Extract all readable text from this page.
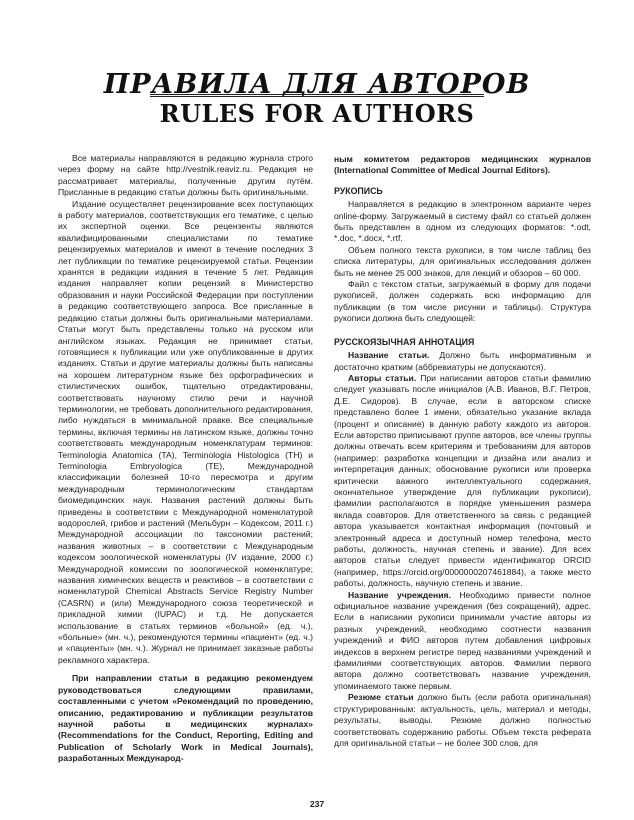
ПРАВИЛА ДЛЯ АВТОРОВ
RULES FOR AUTHORS

Все материалы направляются в редакцию журнала строго через форму на сайте http://vestnik.reaviz.ru. Редакция не рассматривает материалы, полученные другим путём. Присланные в редакцию статьи должны быть оригинальными.

Издание осуществляет рецензирование всех поступающих в работу материалов, соответствующих его тематике, с целью их экспертной оценки. Все рецензенты являются квалифицированными специалистами по тематике рецензируемых материалов и имеют в течение последних 3 лет публикации по тематике рецензируемой статьи. Рецензии хранятся в редакции издания в течение 5 лет. Редакция издания направляет копии рецензий в Министерство образования и науки Российской Федерации при поступлении в редакцию соответствующего запроса. Все присланные в редакцию статьи должны быть оригинальными материалами. Статьи могут быть представлены только на русском или английском языках. Редакция не принимает статьи, готовящиеся к публикации или уже опубликованные в других изданиях. Статьи и другие материалы должны быть написаны на хорошем литературном языке без орфографических и стилистических ошибок, тщательно отредактированы, соответствовать научному стилю речи и научной терминологии, не требовать дополнительного редактирования, либо нуждаться в минимальной правке. Все специальные термины, включая термины на латинском языке, должны точно соответствовать международным номенклатурам терминов: Terminologia Anatomica (TA), Terminologia Histologica (TH) и Terminologia Embryologica (TE), Международной классификации болезней 10-го пересмотра и другим международным терминологическим стандартам биомедицинских наук. Названия растений должны быть приведены в соответствии с Международной номенклатурой водорослей, грибов и растений (Мельбурн – Кодексом, 2011 г.) Международной ассоциации по таксономии растений; названия животных – в соответствии с Международным кодексом зоологической номенклатуры (IV издание, 2000 г.) Международной комиссии по зоологической номенклатуре; названия химических веществ и реактивов – в соответствии с номенклатурой Chemical Abstracts Service Registry Number (CASRN) и (или) Международного союза теоретической и прикладной химии (IUPAC) и т.д. Не допускается использование в статьях терминов «больной» (ед. ч.), «больные» (мн. ч.), рекомендуются термины «пациент» (ед. ч.) и «пациенты» (мн. ч.). Журнал не принимает заказные работы рекламного характера.

При направлении статьи в редакцию рекомендуем руководствоваться следующими правилами, составленными с учетом «Рекомендаций по проведению, описанию, редактированию и публикации результатов научной работы в медицинских журналах» (Recommendations for the Conduct, Reporting, Editing and Publication of Scholarly Work in Medical Journals), разработанных Международ-

ным комитетом редакторов медицинских журналов (International Committee of Medical Journal Editors).

РУКОПИСЬ

Направляется в редакцию в электронном варианте через online-форму. Загружаемый в систему файл со статьей должен быть представлен в одном из следующих форматов: *.odt, *.doc, *.docx, *.rtf.

Объем полного текста рукописи, в том числе таблиц без списка литературы, для оригинальных исследования должен быть не менее 25 000 знаков, для лекций и обзоров – 60 000.

Файл с текстом статьи, загружаемый в форму для подачи рукописей, должен содержать всю информацию для публикации (в том числе рисунки и таблицы). Структура рукописи должна быть следующей:

РУССКОЯЗЫЧНАЯ АННОТАЦИЯ

Название статьи. Должно быть информативным и достаточно кратким (аббревиатуры не допускаются).

Авторы статьи. При написании авторов статьи фамилию следует указывать после инициалов (А.В. Иванов, В.Г. Петров, Д.Е. Сидоров). В случае, если в авторском списке представлено более 1 имени, обязательно указание вклада (процент и описание) в данную работу каждого из авторов. Если авторство приписывают группе авторов, все члены группы должны отвечать всем критериям и требованиям для авторов (например: разработка концепции и дизайна или анализ и интерпретация данных; обоснование рукописи или проверка критически важного интеллектуального содержания, окончательное утверждение для публикации рукописи), фамилии располагаются в порядке уменьшения размера вклада соавторов. Для ответственного за связь с редакцией автора указывается контактная информация (почтовый и электронный адреса и доступный номер телефона, место работы, должность, научная степень и звание). Для всех авторов статьи следует привести идентификатор ORCID (например, https://orcid.org/0000000207461884), а также место работы, должность, научную степень и звание.

Название учреждения. Необходимо привести полное официальное название учреждения (без сокращений), адрес. Если в написании рукописи принимали участие авторы из разных учреждений, необходимо соотнести названия учреждений и ФИО авторов путем добавления цифровых индексов в верхнем регистре перед названиями учреждений и фамилиями соответствующих авторов. Фамилии первого автора должно соответствовать название учреждения, упоминаемого также первым.

Резюме статьи должно быть (если работа оригинальная) структурированным: актуальность, цель, материал и методы, результаты, выводы. Резюме должно полностью соответствовать содержанию работы. Объем текста реферата для оригинальной статьи – не более 300 слов, для

237
